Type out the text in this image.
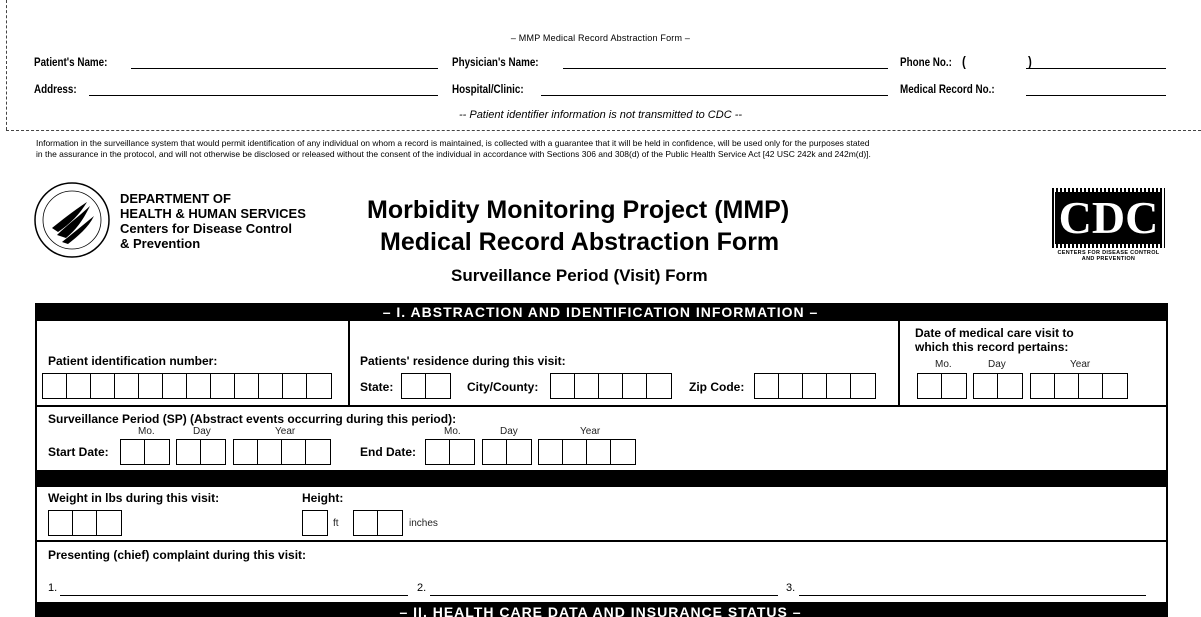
– MMP Medical Record Abstraction Form –
Patient's Name:	Physician's Name:	Phone No.: (	)
Address:	Hospital/Clinic:	Medical Record No.:
-- Patient identifier information is not transmitted to CDC --
Information in the surveillance system that would permit identification of any individual on whom a record is maintained, is collected with a guarantee that it will be held in confidence, will be used only for the purposes stated
in the assurance in the protocol, and will not otherwise be disclosed or released without the consent of the individual in accordance with Sections 306 and 308(d) of the Public Health Service Act [42 USC 242k and 242m(d)].
DEPARTMENT OF
HEALTH & HUMAN SERVICES
Centers for Disease Control
& Prevention
Morbidity Monitoring Project (MMP)
Medical Record Abstraction Form
Surveillance Period (Visit) Form
CDC
CENTERS FOR DISEASE CONTROL AND PREVENTION
– I. ABSTRACTION AND IDENTIFICATION INFORMATION –
Patient identification number:	Patients' residence during this visit:
State:	City/County:	Zip Code:
Date of medical care visit to
which this record pertains:
Mo.	Day	Year
Surveillance Period (SP) (Abstract events occurring during this period):
Mo.	Day	Year
Start Date:
Mo.	Day	Year
End Date:
Weight in lbs during this visit:	Height:
ft	inches
Presenting (chief) complaint during this visit:
1.	2.	3.
– II. HEALTH CARE DATA AND INSURANCE STATUS –
